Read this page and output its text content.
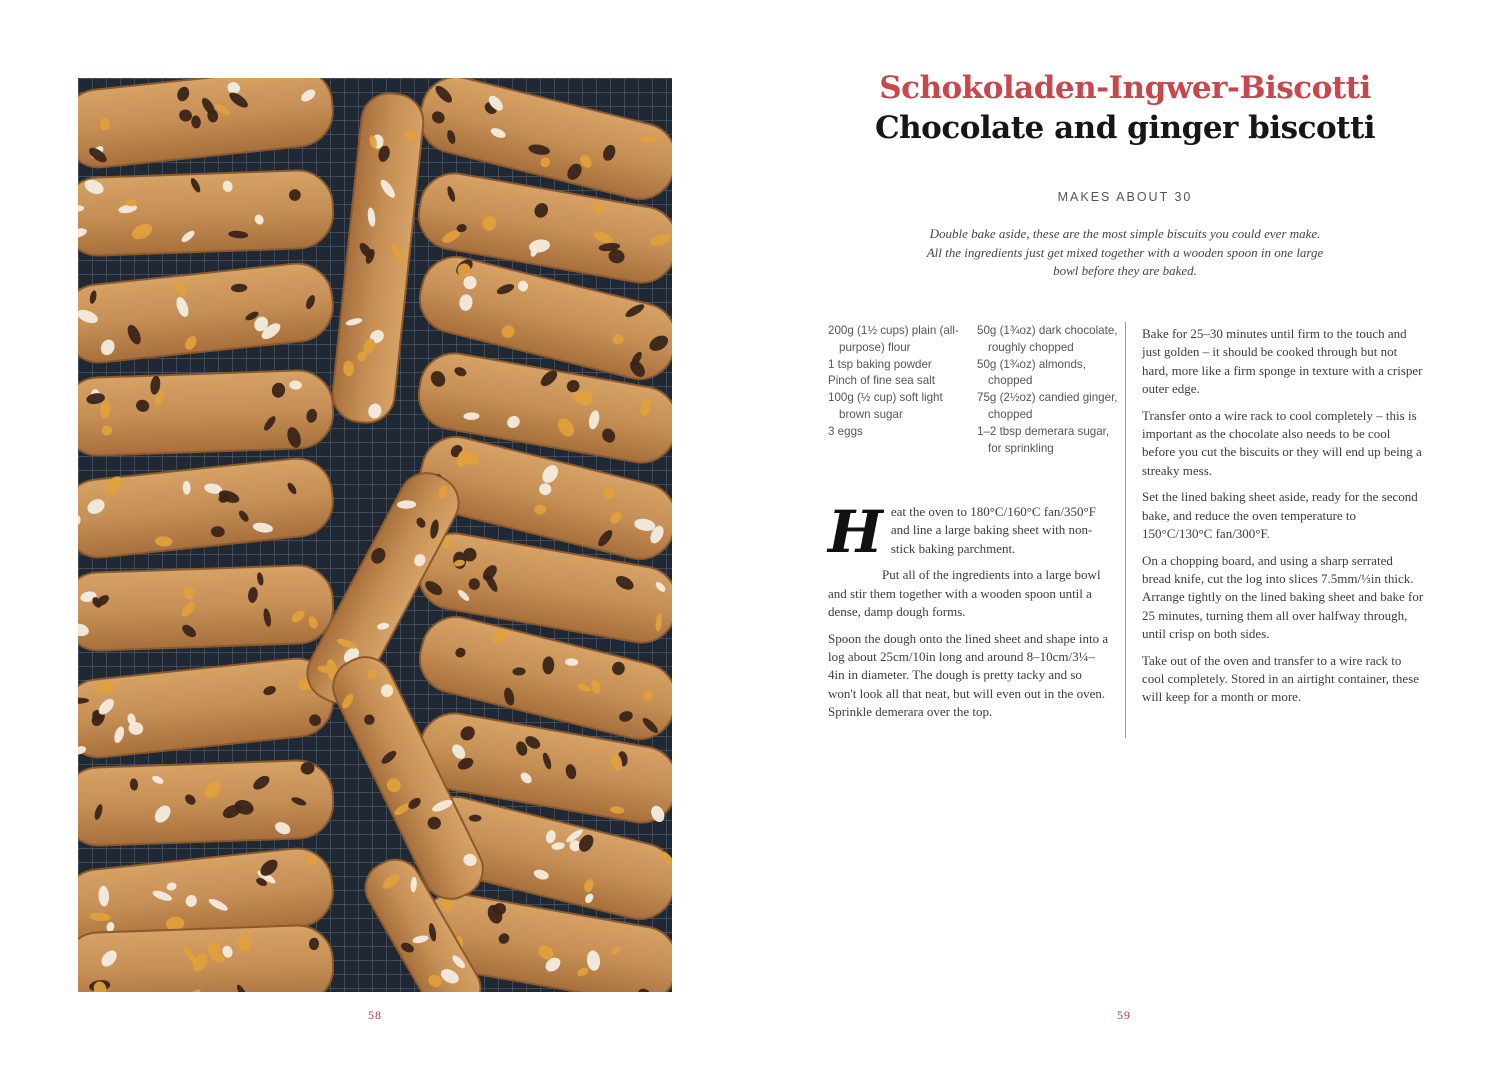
58
Schokoladen-Ingwer-Biscotti
Chocolate and ginger biscotti
MAKES ABOUT 30
Double bake aside, these are the most simple biscuits you could ever make. All the ingredients just get mixed together with a wooden spoon in one large bowl before they are baked.
200g (1½ cups) plain (all-purpose) flour
1 tsp baking powder
Pinch of fine sea salt
100g (½ cup) soft light brown sugar
3 eggs
50g (1¾oz) dark chocolate, roughly chopped
50g (1¾oz) almonds, chopped
75g (2½oz) candied ginger, chopped
1–2 tbsp demerara sugar, for sprinkling

Heat the oven to 180°C/160°C fan/350°F and line a large baking sheet with non-stick baking parchment.

Put all of the ingredients into a large bowl and stir them together with a wooden spoon until a dense, damp dough forms.

Spoon the dough onto the lined sheet and shape into a log about 25cm/10in long and around 8–10cm/3¼–4in in diameter. The dough is pretty tacky and so won't look all that neat, but will even out in the oven. Sprinkle demerara over the top.

Bake for 25–30 minutes until firm to the touch and just golden – it should be cooked through but not hard, more like a firm sponge in texture with a crisper outer edge.

Transfer onto a wire rack to cool completely – this is important as the chocolate also needs to be cool before you cut the biscuits or they will end up being a streaky mess.

Set the lined baking sheet aside, ready for the second bake, and reduce the oven temperature to 150°C/130°C fan/300°F.

On a chopping board, and using a sharp serrated bread knife, cut the log into slices 7.5mm/⅓in thick. Arrange tightly on the lined baking sheet and bake for 25 minutes, turning them all over halfway through, until crisp on both sides.

Take out of the oven and transfer to a wire rack to cool completely. Stored in an airtight container, these will keep for a month or more.

59
